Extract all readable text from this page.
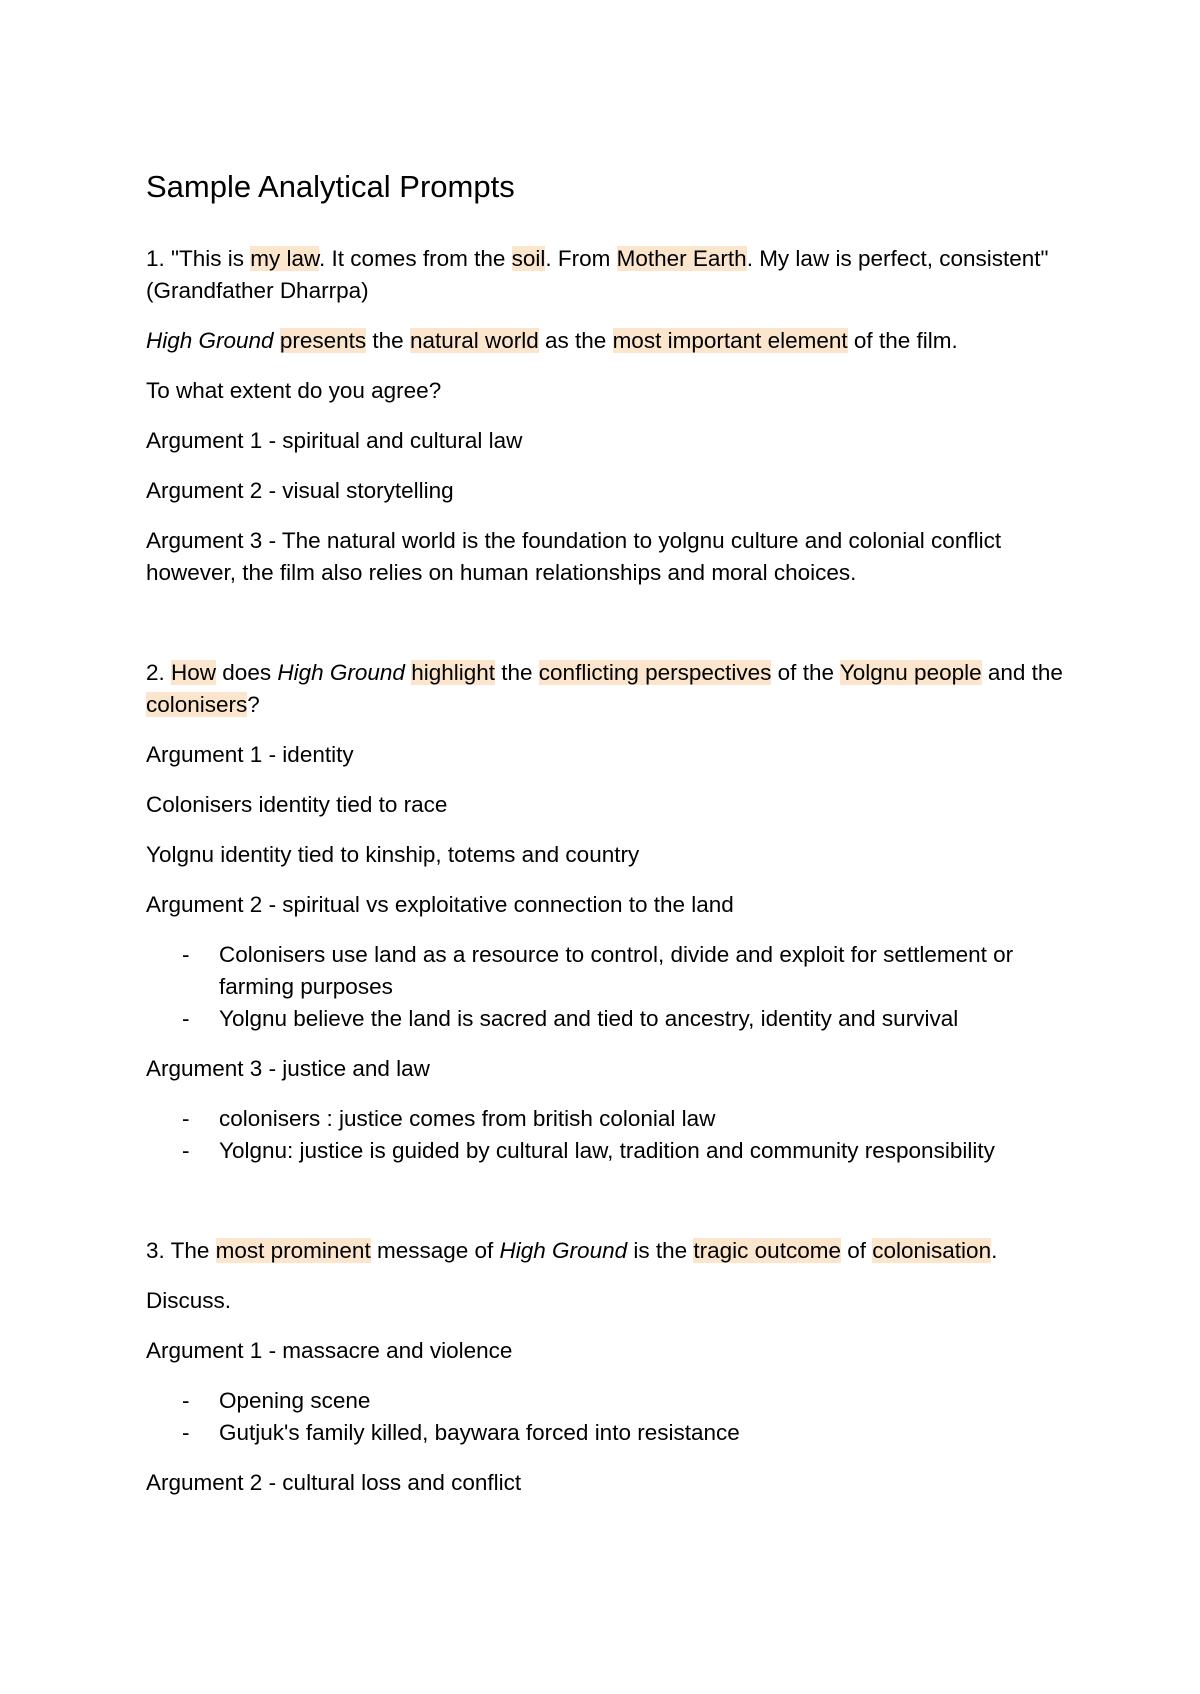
Sample Analytical Prompts

1. "This is my law. It comes from the soil. From Mother Earth. My law is perfect, consistent" (Grandfather Dharrpa)

High Ground presents the natural world as the most important element of the film.

To what extent do you agree?

Argument 1 - spiritual and cultural law

Argument 2 - visual storytelling

Argument 3 - The natural world is the foundation to yolgnu culture and colonial conflict however, the film also relies on human relationships and moral choices.

2. How does High Ground highlight the conflicting perspectives of the Yolgnu people and the colonisers?

Argument 1 - identity

Colonisers identity tied to race

Yolgnu identity tied to kinship, totems and country

Argument 2 - spiritual vs exploitative connection to the land

- Colonisers use land as a resource to control, divide and exploit for settlement or farming purposes
- Yolgnu believe the land is sacred and tied to ancestry, identity and survival

Argument 3 - justice and law

- colonisers : justice comes from british colonial law
- Yolgnu: justice is guided by cultural law, tradition and community responsibility

3. The most prominent message of High Ground is the tragic outcome of colonisation.

Discuss.

Argument 1 - massacre and violence

- Opening scene
- Gutjuk's family killed, baywara forced into resistance

Argument 2 - cultural loss and conflict
